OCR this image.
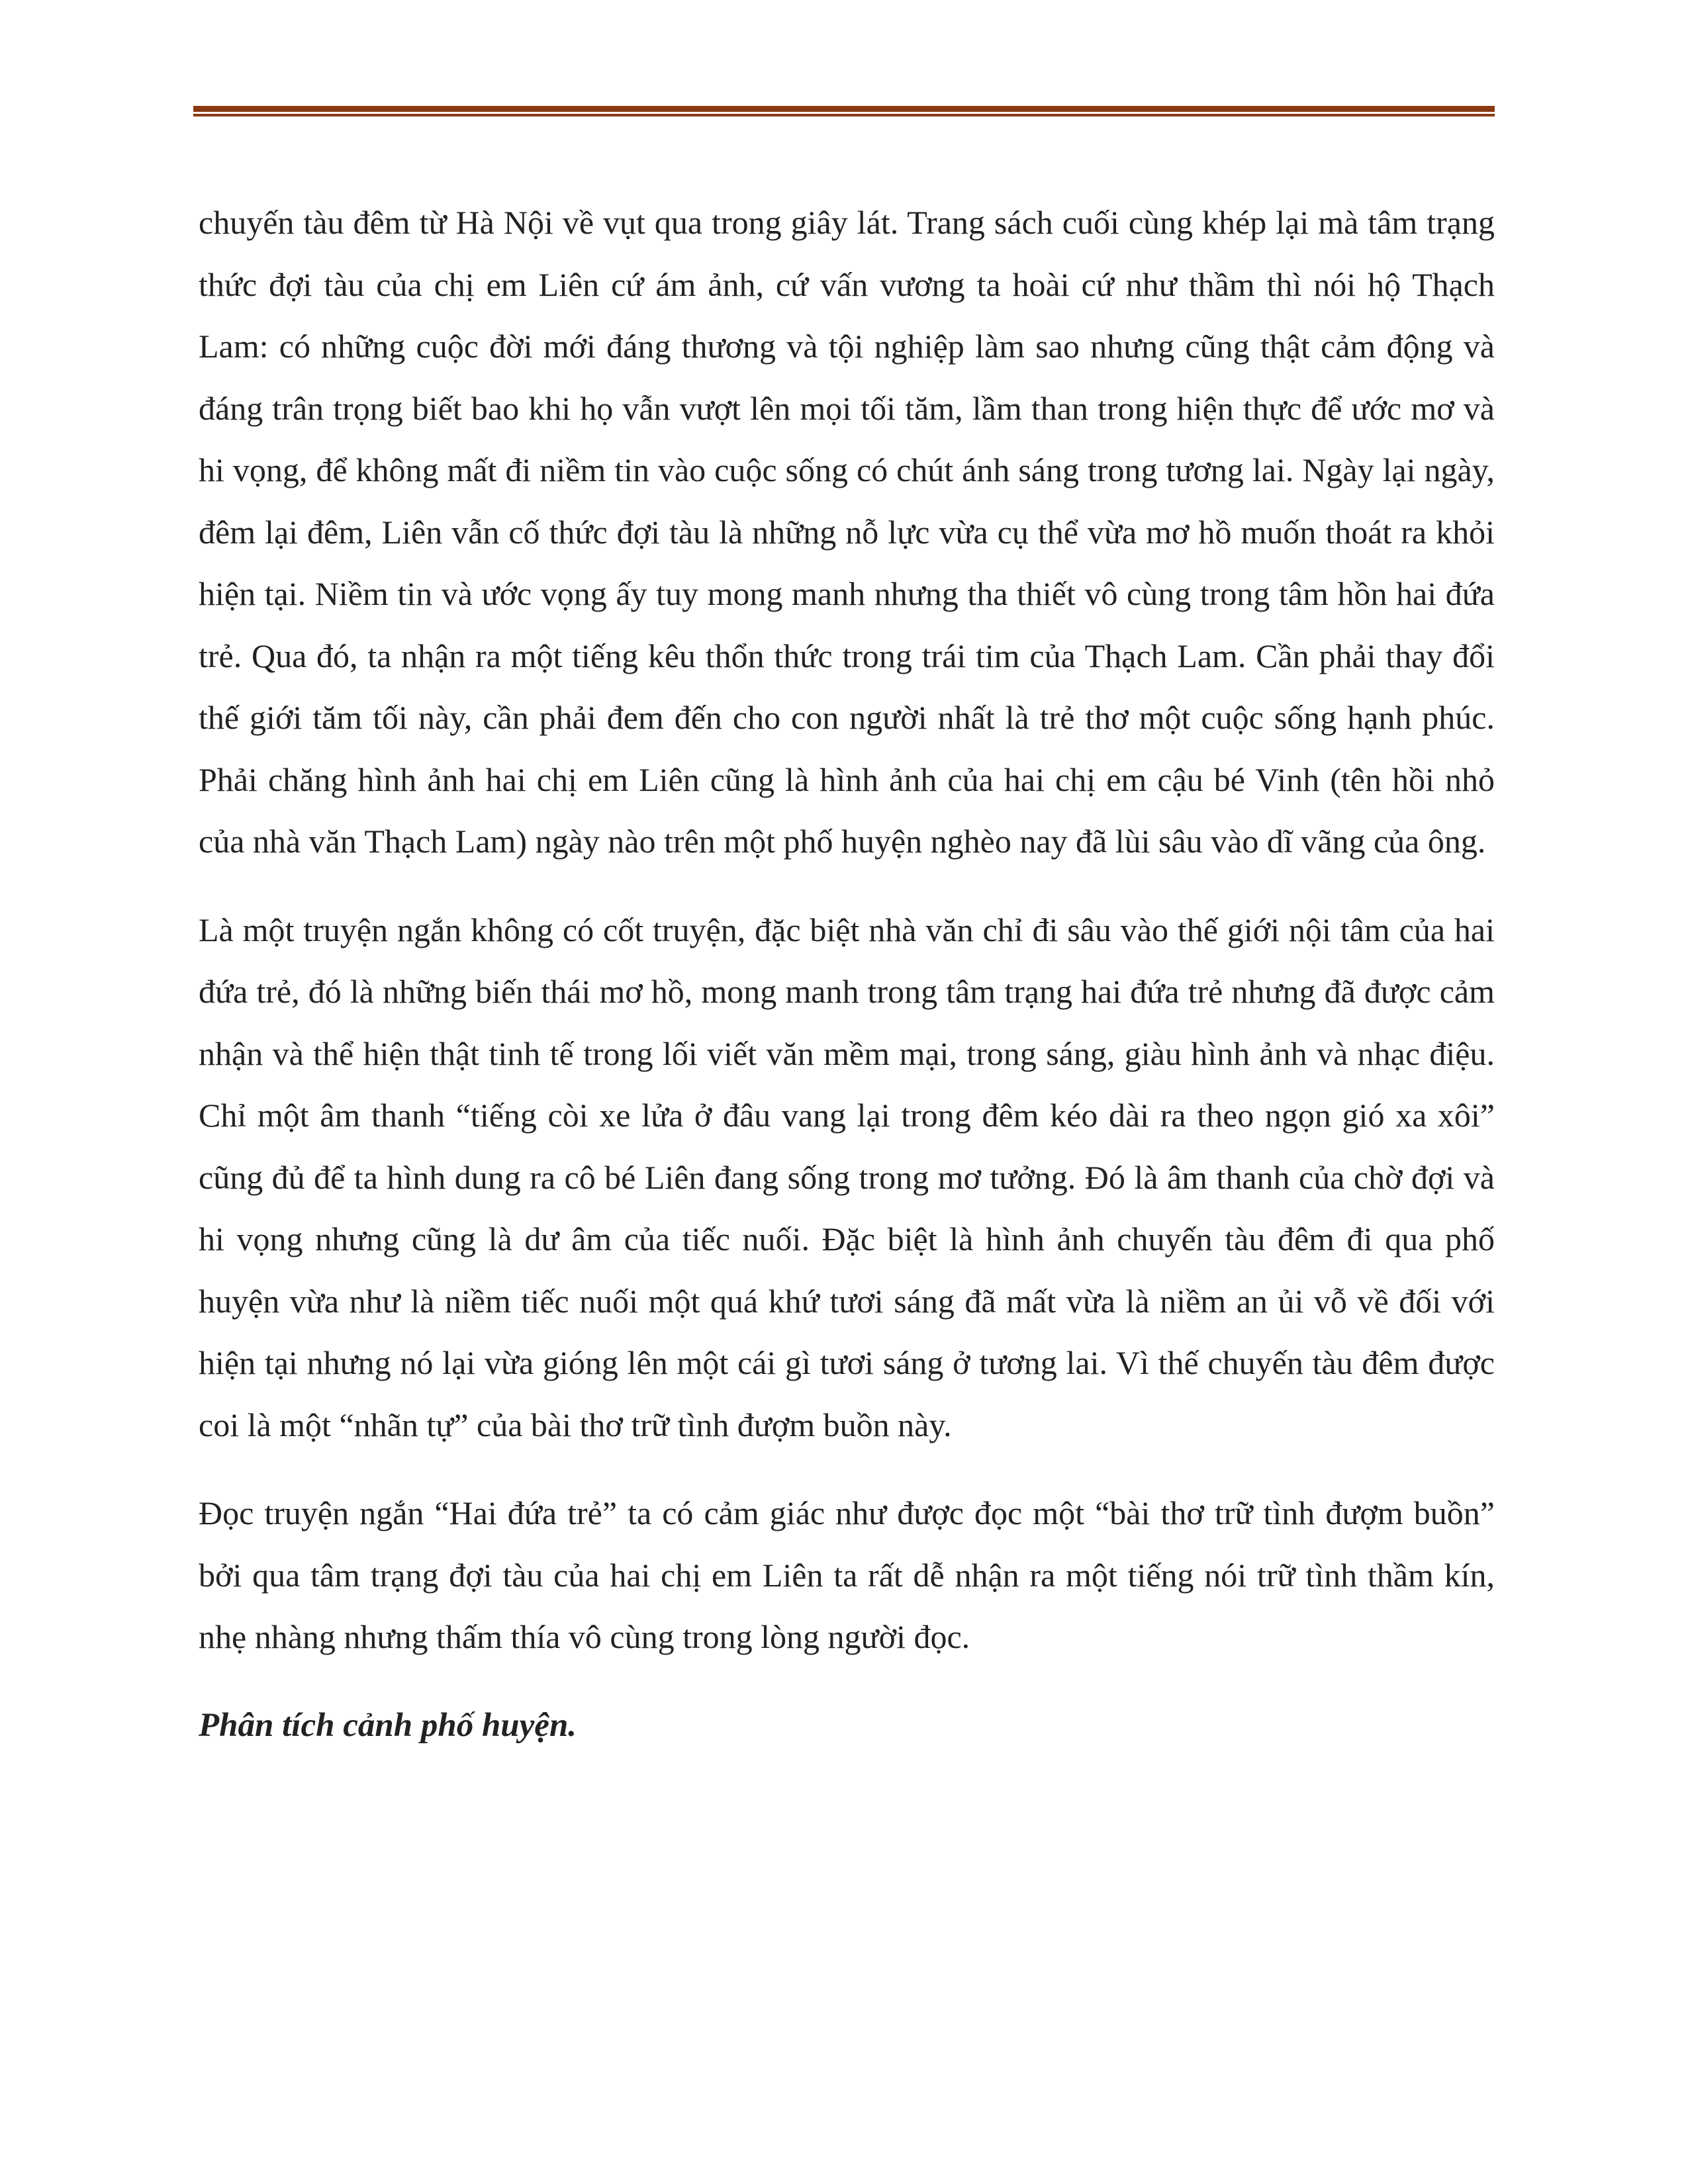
chuyến tàu đêm từ Hà Nội về vụt qua trong giây lát. Trang sách cuối cùng khép lại mà tâm trạng thức đợi tàu của chị em Liên cứ ám ảnh, cứ vấn vương ta hoài cứ như thầm thì nói hộ Thạch Lam: có những cuộc đời mới đáng thương và tội nghiệp làm sao nhưng cũng thật cảm động và đáng trân trọng biết bao khi họ vẫn vượt lên mọi tối tăm, lầm than trong hiện thực để ước mơ và hi vọng, để không mất đi niềm tin vào cuộc sống có chút ánh sáng trong tương lai. Ngày lại ngày, đêm lại đêm, Liên vẫn cố thức đợi tàu là những nỗ lực vừa cụ thể vừa mơ hồ muốn thoát ra khỏi hiện tại. Niềm tin và ước vọng ấy tuy mong manh nhưng tha thiết vô cùng trong tâm hồn hai đứa trẻ. Qua đó, ta nhận ra một tiếng kêu thổn thức trong trái tim của Thạch Lam. Cần phải thay đổi thế giới tăm tối này, cần phải đem đến cho con người nhất là trẻ thơ một cuộc sống hạnh phúc. Phải chăng hình ảnh hai chị em Liên cũng là hình ảnh của hai chị em cậu bé Vinh (tên hồi nhỏ của nhà văn Thạch Lam) ngày nào trên một phố huyện nghèo nay đã lùi sâu vào dĩ vãng của ông.

Là một truyện ngắn không có cốt truyện, đặc biệt nhà văn chỉ đi sâu vào thế giới nội tâm của hai đứa trẻ, đó là những biến thái mơ hồ, mong manh trong tâm trạng hai đứa trẻ nhưng đã được cảm nhận và thể hiện thật tinh tế trong lối viết văn mềm mại, trong sáng, giàu hình ảnh và nhạc điệu. Chỉ một âm thanh “tiếng còi xe lửa ở đâu vang lại trong đêm kéo dài ra theo ngọn gió xa xôi” cũng đủ để ta hình dung ra cô bé Liên đang sống trong mơ tưởng. Đó là âm thanh của chờ đợi và hi vọng nhưng cũng là dư âm của tiếc nuối. Đặc biệt là hình ảnh chuyến tàu đêm đi qua phố huyện vừa như là niềm tiếc nuối một quá khứ tươi sáng đã mất vừa là niềm an ủi vỗ về đối với hiện tại nhưng nó lại vừa gióng lên một cái gì tươi sáng ở tương lai. Vì thế chuyến tàu đêm được coi là một “nhãn tự” của bài thơ trữ tình đượm buồn này.

Đọc truyện ngắn “Hai đứa trẻ” ta có cảm giác như được đọc một “bài thơ trữ tình đượm buồn” bởi qua tâm trạng đợi tàu của hai chị em Liên ta rất dễ nhận ra một tiếng nói trữ tình thầm kín, nhẹ nhàng nhưng thấm thía vô cùng trong lòng người đọc.

Phân tích cảnh phố huyện.
